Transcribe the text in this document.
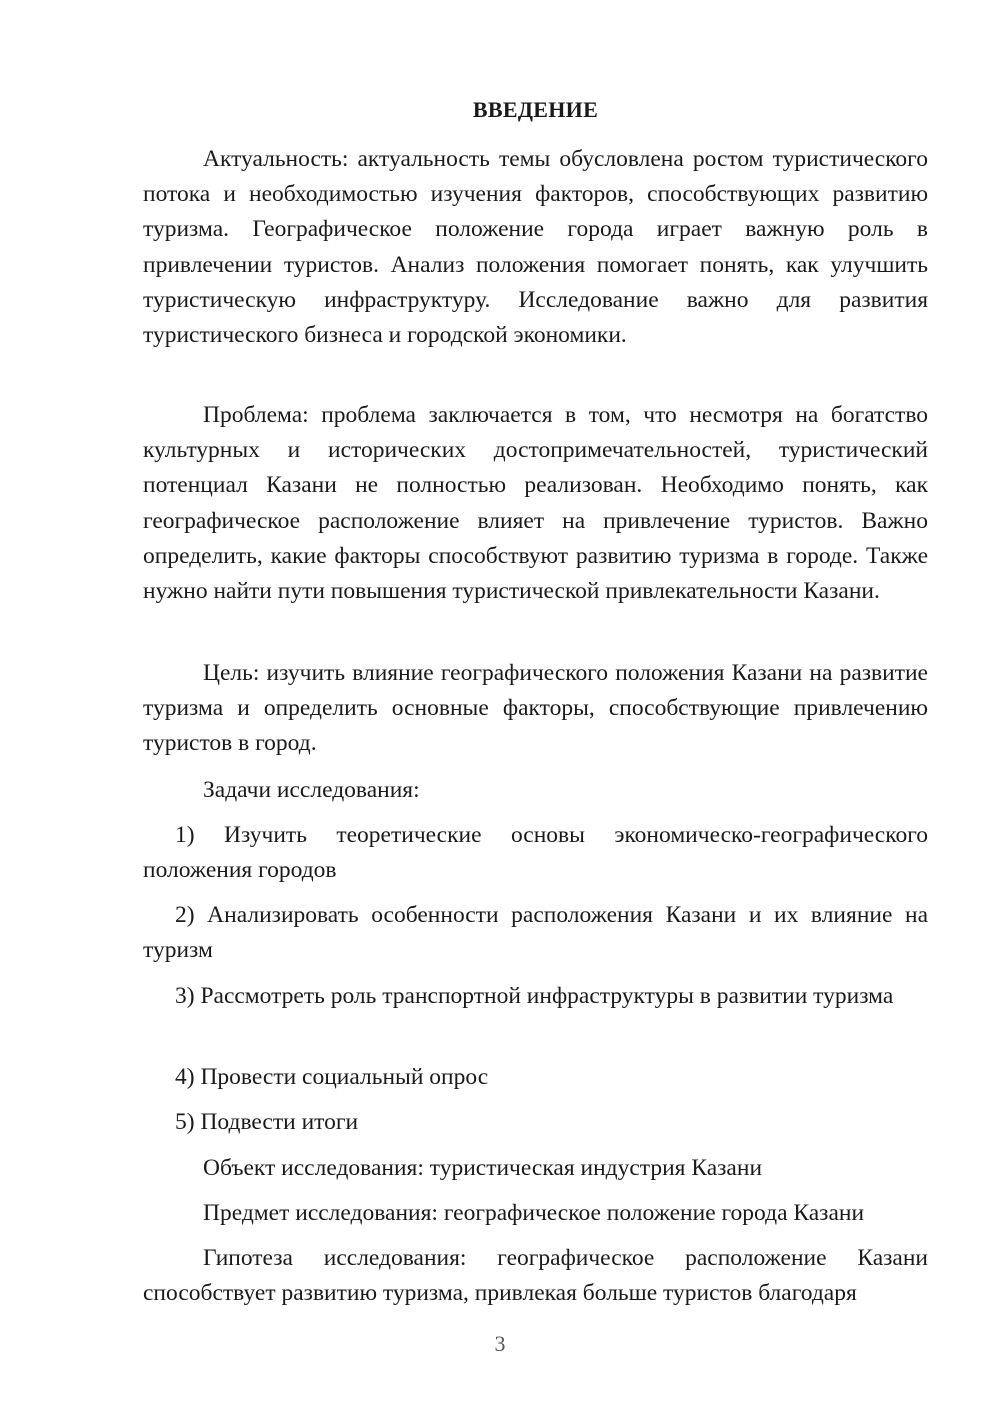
ВВЕДЕНИЕ

Актуальность: актуальность темы обусловлена ростом туристического потока и необходимостью изучения факторов, способствующих развитию туризма. Географическое положение города играет важную роль в привлечении туристов. Анализ положения помогает понять, как улучшить туристическую инфраструктуру. Исследование важно для развития туристического бизнеса и городской экономики.

Проблема: проблема заключается в том, что несмотря на богатство культурных и исторических достопримечательностей, туристический потенциал Казани не полностью реализован. Необходимо понять, как географическое расположение влияет на привлечение туристов. Важно определить, какие факторы способствуют развитию туризма в городе. Также нужно найти пути повышения туристической привлекательности Казани.

Цель: изучить влияние географического положения Казани на развитие туризма и определить основные факторы, способствующие привлечению туристов в город.

Задачи исследования:

1) Изучить теоретические основы экономическо-географического положения городов

2) Анализировать особенности расположения Казани и их влияние на туризм

3) Рассмотреть роль транспортной инфраструктуры в развитии туризма

4) Провести социальный опрос

5) Подвести итоги

Объект исследования: туристическая индустрия Казани

Предмет исследования: географическое положение города Казани

Гипотеза исследования: географическое расположение Казани способствует развитию туризма, привлекая больше туристов благодаря

3
